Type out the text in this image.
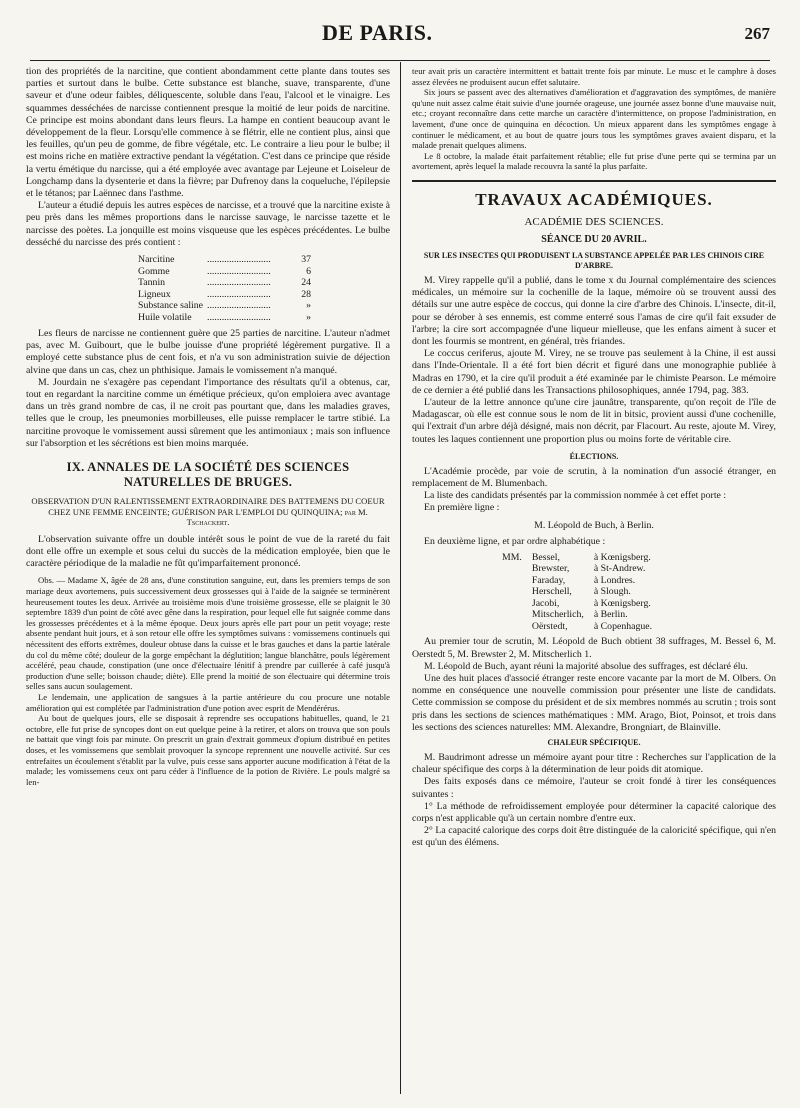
DE PARIS.	267

tion des propriétés de la narcitine, que contient abondamment cette plante dans toutes ses parties et surtout dans le bulbe. Cette substance est blanche, suave, transparente, d'une saveur et d'une odeur faibles, déliquescente, soluble dans l'eau, l'alcool et le vinaigre. Les squammes desséchées de narcisse contiennent presque la moitié de leur poids de narcitine. Ce principe est moins abondant dans leurs fleurs. La hampe en contient beaucoup avant le développement de la fleur. Lorsqu'elle commence à se flétrir, elle ne contient plus, ainsi que les feuilles, qu'un peu de gomme, de fibre végétale, etc. Le contraire a lieu pour le bulbe; il est moins riche en matière extractive pendant la végétation. C'est dans ce principe que réside la vertu émétique du narcisse, qui a été employée avec avantage par Lejeune et Loiseleur de Longchamp dans la dysenterie et dans la fièvre; par Dufrenoy dans la coqueluche, l'épilepsie et le tétanos; par Laënnec dans l'asthme.

L'auteur a étudié depuis les autres espèces de narcisse, et a trouvé que la narcitine existe à peu près dans les mêmes proportions dans le narcisse sauvage, le narcisse tazette et le narcisse des poètes. La jonquille est moins visqueuse que les espèces précédentes. Le bulbe desséché du narcisse des prés contient :

Narcitine	..........................	37
Gomme	..........................	6
Tannin	..........................	24
Ligneux	..........................	28
Substance saline	..........................	»
Huile volatile	..........................	»

Les fleurs de narcisse ne contiennent guère que 25 parties de narcitine. L'auteur n'admet pas, avec M. Guibourt, que le bulbe jouisse d'une propriété légèrement purgative. Il a employé cette substance plus de cent fois, et n'a vu son administration suivie de déjection alvine que dans un cas, chez un phthisique. Jamais le vomissement n'a manqué.

M. Jourdain ne s'exagère pas cependant l'importance des résultats qu'il a obtenus, car, tout en regardant la narcitine comme un émétique précieux, qu'on emploiera avec avantage dans un très grand nombre de cas, il ne croit pas pourtant que, dans les maladies graves, telles que le croup, les pneumonies morbilleuses, elle puisse remplacer le tartre stibié. La narcitine provoque le vomissement aussi sûrement que les antimoniaux ; mais son influence sur l'absorption et les sécrétions est bien moins marquée.

IX. ANNALES DE LA SOCIÉTÉ DES SCIENCES NATURELLES DE BRUGES.
OBSERVATION D'UN RALENTISSEMENT EXTRAORDINAIRE DES BATTEMENS DU COEUR CHEZ UNE FEMME ENCEINTE; GUÉRISON PAR L'EMPLOI DU QUINQUINA; par M. Tschackert.

L'observation suivante offre un double intérêt sous le point de vue de la rareté du fait dont elle offre un exemple et sous celui du succès de la médication employée, bien que le caractère périodique de la maladie ne fût qu'imparfaitement prononcé.

Obs. — Madame X, âgée de 28 ans, d'une constitution sanguine, eut, dans les premiers temps de son mariage deux avortemens, puis successivement deux grossesses qui à l'aide de la saignée se terminèrent heureusement toutes les deux. Arrivée au troisième mois d'une troisième grossesse, elle se plaignit le 30 septembre 1839 d'un point de côté avec gêne dans la respiration, pour lequel elle fut saignée comme dans les grossesses précédentes et à la même époque. Deux jours après elle part pour un petit voyage; reste absente pendant huit jours, et à son retour elle offre les symptômes suivans : vomissemens continuels qui nécessitent des efforts extrêmes, douleur obtuse dans la cuisse et le bras gauches et dans la partie latérale du col du même côté; douleur de la gorge empêchant la déglutition; langue blanchâtre, pouls légèrement accéléré, peau chaude, constipation (une once d'électuaire lénitif à prendre par cuillerée à café jusqu'à production d'une selle; boisson chaude; diète). Elle prend la moitié de son électuaire qui détermine trois selles sans aucun soulagement.

Le lendemain, une application de sangsues à la partie antérieure du cou procure une notable amélioration qui est complétée par l'administration d'une potion avec esprit de Mendérérus.

Au bout de quelques jours, elle se disposait à reprendre ses occupations habituelles, quand, le 21 octobre, elle fut prise de syncopes dont on eut quelque peine à la retirer, et alors on trouva que son pouls ne battait que vingt fois par minute. On prescrit un grain d'extrait gommeux d'opium distribué en petites doses, et les vomissemens que semblait provoquer la syncope reprennent une nouvelle activité. Sur ces entrefaites un écoulement s'établit par la vulve, puis cesse sans apporter aucune modification à l'état de la malade; les vomissemens ceux ont paru céder à l'influence de la potion de Rivière. Le pouls malgré sa len-

teur avait pris un caractère intermittent et battait trente fois par minute. Le musc et le camphre à doses assez élevées ne produisent aucun effet salutaire.

Six jours se passent avec des alternatives d'amélioration et d'aggravation des symptômes, de manière qu'une nuit assez calme était suivie d'une journée orageuse, une journée assez bonne d'une mauvaise nuit, etc.; croyant reconnaître dans cette marche un caractère d'intermittence, on propose l'administration, en lavement, d'une once de quinquina en décoction. Un mieux apparent dans les symptômes engage à continuer le médicament, et au bout de quatre jours tous les symptômes graves avaient disparu, et la malade prenait quelques alimens.

Le 8 octobre, la malade était parfaitement rétablie; elle fut prise d'une perte qui se termina par un avortement, après lequel la malade recouvra la santé la plus parfaite.

TRAVAUX ACADÉMIQUES.
ACADÉMIE DES SCIENCES.
SÉANCE DU 20 AVRIL.
SUR LES INSECTES QUI PRODUISENT LA SUBSTANCE APPELÉE PAR LES CHINOIS CIRE D'ARBRE.

M. Virey rappelle qu'il a publié, dans le tome x du Journal complémentaire des sciences médicales, un mémoire sur la cochenille de la laque, mémoire où se trouvent aussi des détails sur une autre espèce de coccus, qui donne la cire d'arbre des Chinois. L'insecte, dit-il, pour se dérober à ses ennemis, est comme enterré sous l'amas de cire qu'il fait exsuder de l'arbre; la cire sort accompagnée d'une liqueur mielleuse, que les enfans aiment à sucer et dont les fourmis se montrent, en général, très friandes.

Le coccus ceriferus, ajoute M. Virey, ne se trouve pas seulement à la Chine, il est aussi dans l'Inde-Orientale. Il a été fort bien décrit et figuré dans une monographie publiée à Madras en 1790, et la cire qu'il produit a été examinée par le chimiste Pearson. Le mémoire de ce dernier a été publié dans les Transactions philosophiques, année 1794, pag. 383.

L'auteur de la lettre annonce qu'une cire jaunâtre, transparente, qu'on reçoit de l'île de Madagascar, où elle est connue sous le nom de lit in bitsic, provient aussi d'une cochenille, qui l'extrait d'un arbre déjà désigné, mais non décrit, par Flacourt. Au reste, ajoute M. Virey, toutes les laques contiennent une proportion plus ou moins forte de véritable cire.

ÉLECTIONS.

L'Académie procède, par voie de scrutin, à la nomination d'un associé étranger, en remplacement de M. Blumenbach.

La liste des candidats présentés par la commission nommée à cet effet porte :

En première ligne :

M. Léopold de Buch, à Berlin.

En deuxième ligne, et par ordre alphabétique :

MM.	Bessel,	à Kœnigsberg.
	Brewster,	à St-Andrew.
	Faraday,	à Londres.
	Herschell,	à Slough.
	Jacobi,	à Kœnigsberg.
	Mitscherlich,	à Berlin.
	Oërstedt,	à Copenhague.

Au premier tour de scrutin, M. Léopold de Buch obtient 38 suffrages, M. Bessel 6, M. Oerstedt 5, M. Brewster 2, M. Mitscherlich 1.

M. Léopold de Buch, ayant réuni la majorité absolue des suffrages, est déclaré élu.

Une des huit places d'associé étranger reste encore vacante par la mort de M. Olbers. On nomme en conséquence une nouvelle commission pour présenter une liste de candidats. Cette commission se compose du président et de six membres nommés au scrutin ; trois sont pris dans les sections de sciences mathématiques : MM. Arago, Biot, Poinsot, et trois dans les sections des sciences naturelles: MM. Alexandre, Brongniart, de Blainville.

CHALEUR SPÉCIFIQUE.

M. Baudrimont adresse un mémoire ayant pour titre : Recherches sur l'application de la chaleur spécifique des corps à la détermination de leur poids dit atomique.

Des faits exposés dans ce mémoire, l'auteur se croit fondé à tirer les conséquences suivantes :

1° La méthode de refroidissement employée pour déterminer la capacité calorique des corps n'est applicable qu'à un certain nombre d'entre eux.

2° La capacité calorique des corps doit être distinguée de la caloricité spécifique, qui n'en est qu'un des élémens.
